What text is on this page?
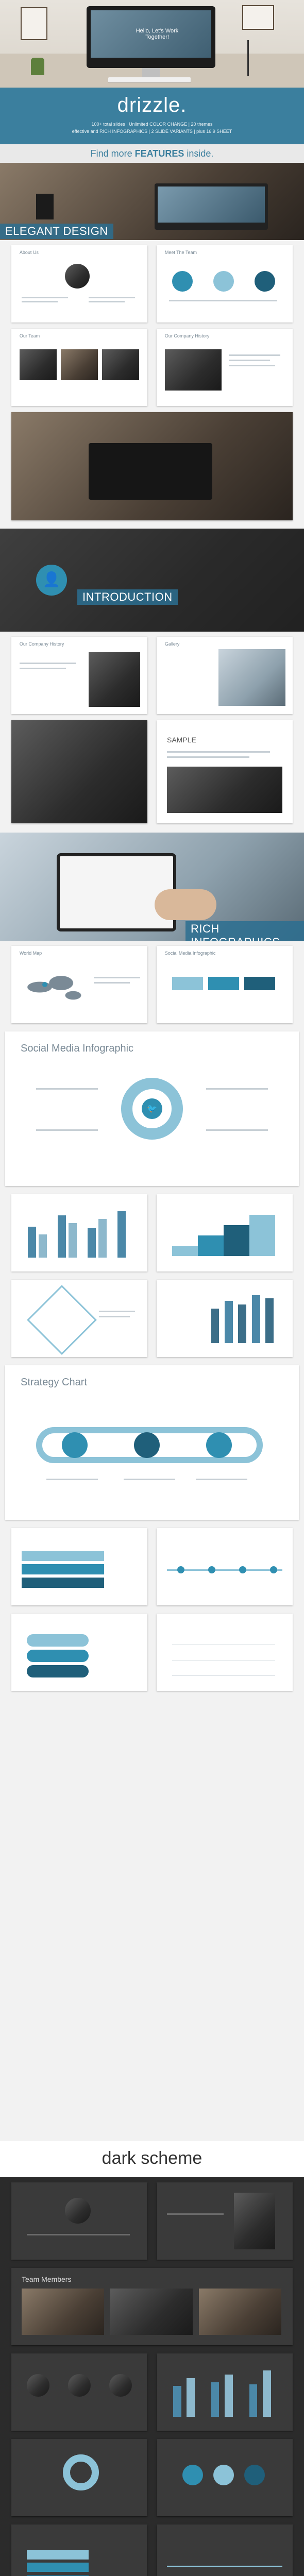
Hello, Let's Work Together!
drizzle.
100+ total slides | Unlimited COLOR CHANGE | 20 themes
effective and RICH INFOGRAPHICS | 2 SLIDE VARIANTS | plus 16:9 SHEET
Find more FEATURES inside.
ELEGANT DESIGN
About Us	Meet The Team
Our Team	Our Company History
👤
INTRODUCTION
Our Company History	Gallery
SAMPLE
RICH
World Map	Social Media Infographic
Social Media Infographic
🐦
Strategy Chart
dark scheme
Team Members
